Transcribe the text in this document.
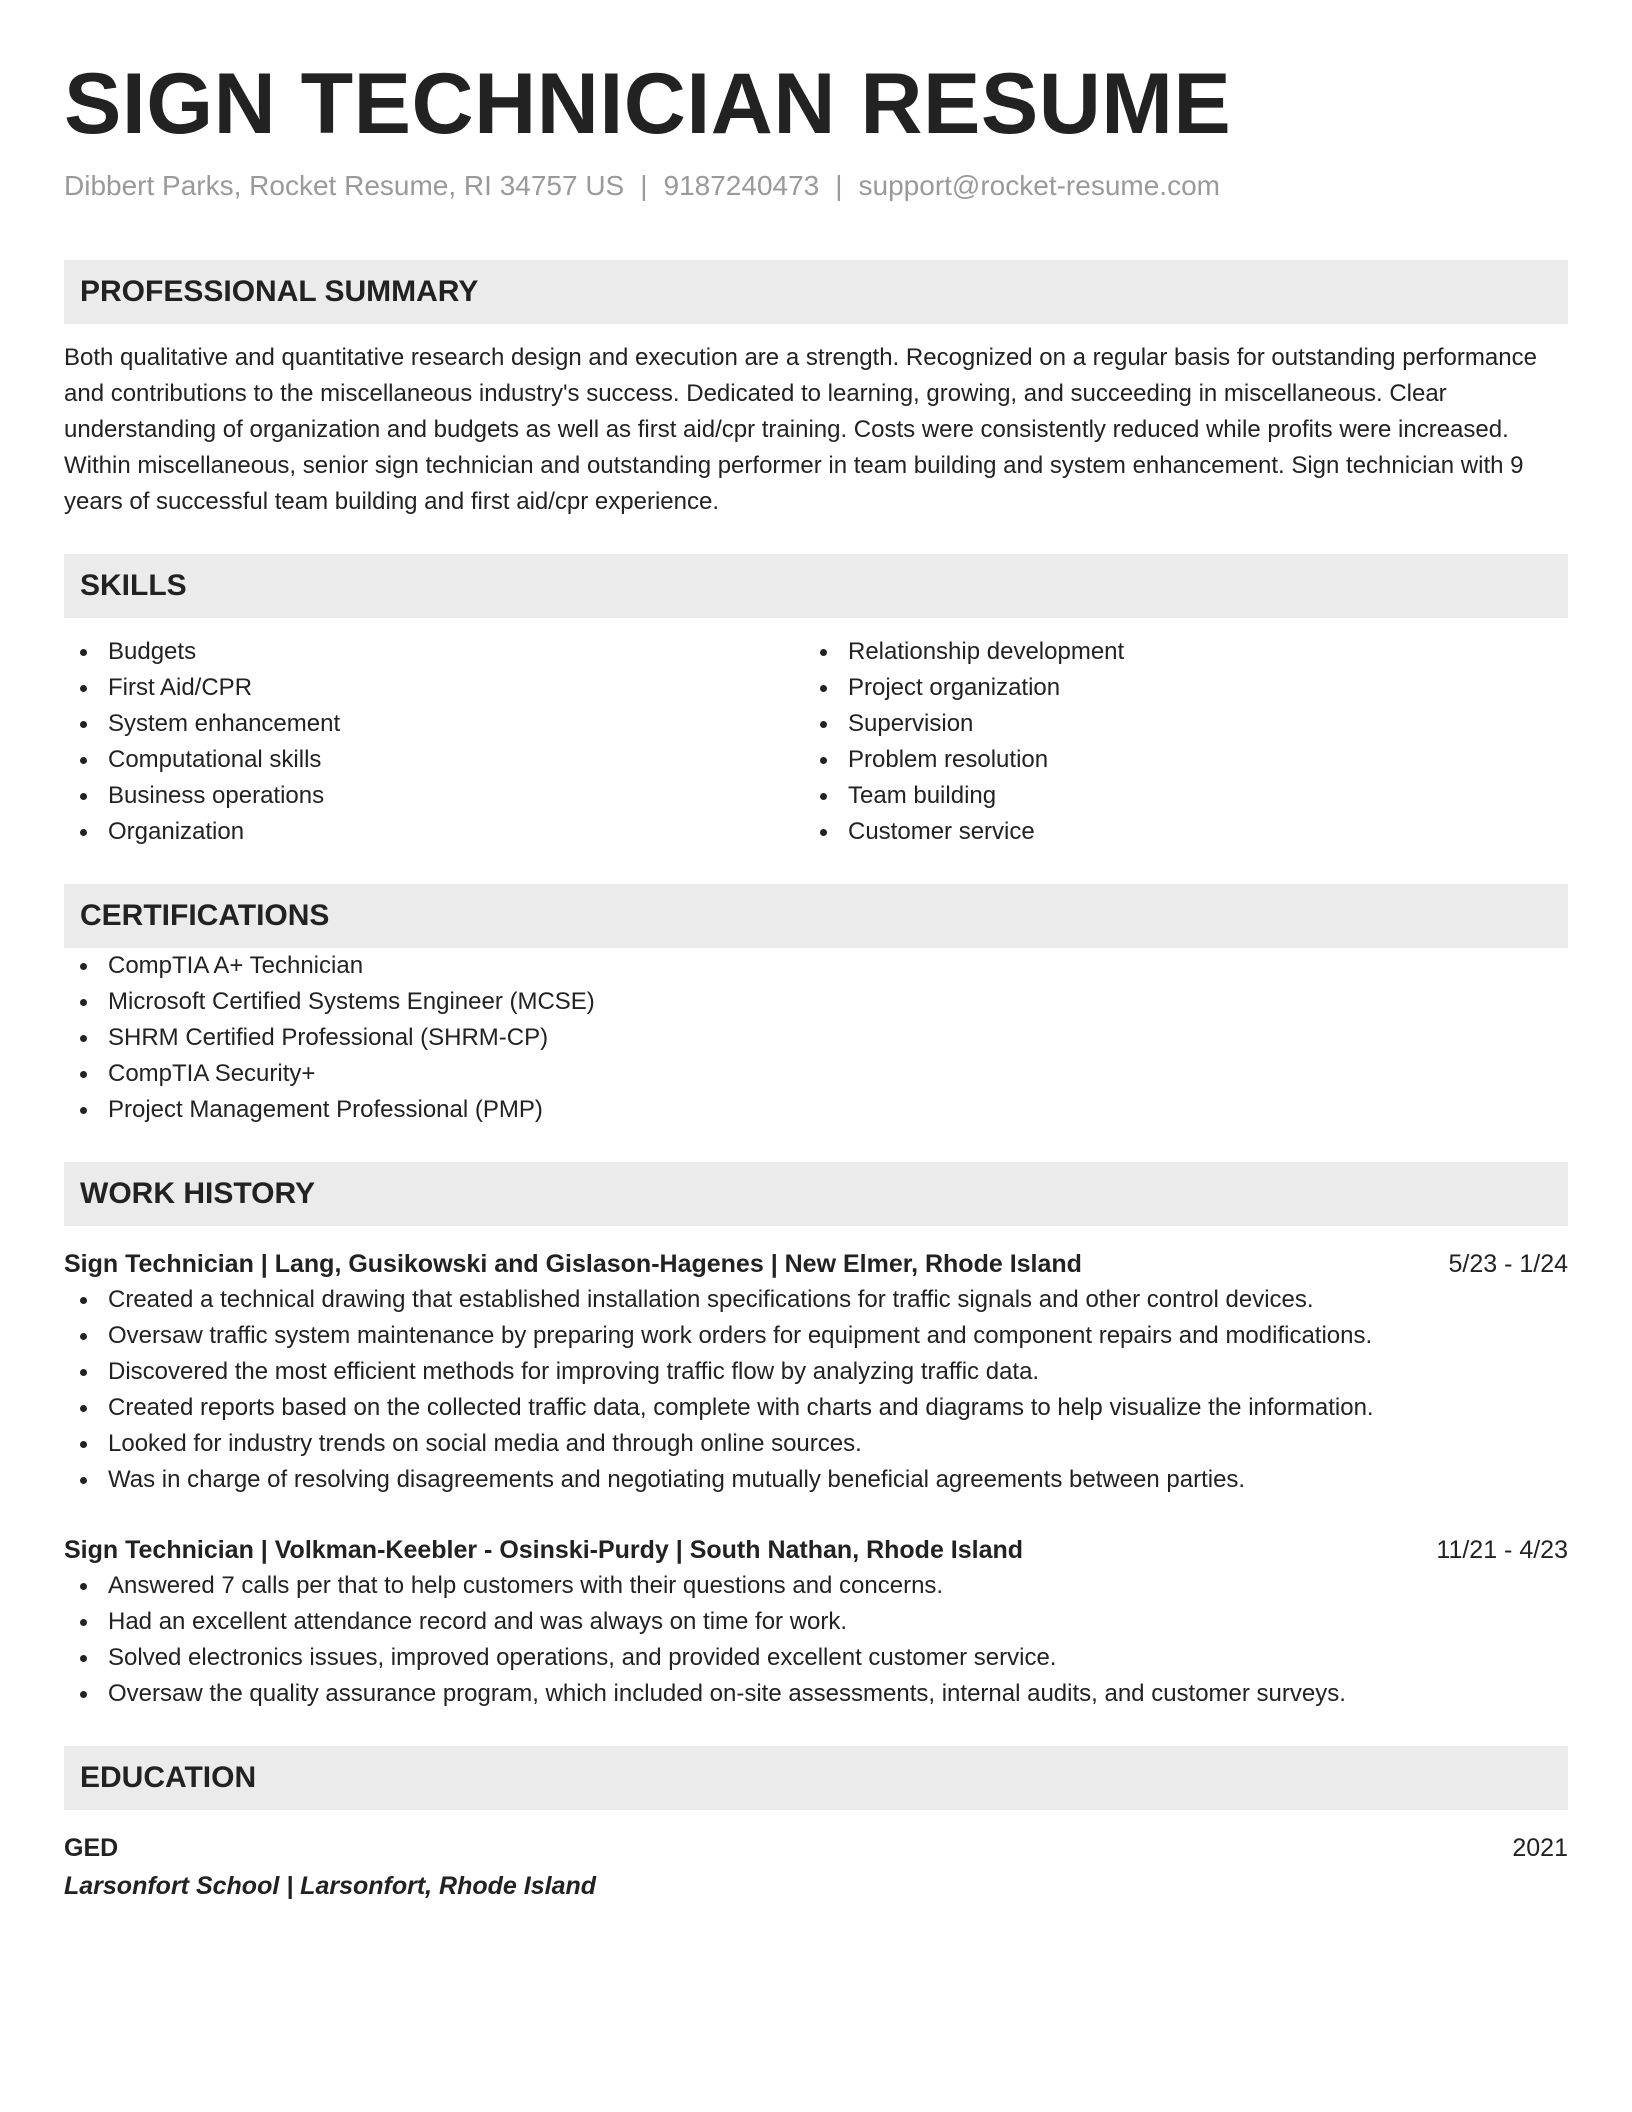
SIGN TECHNICIAN RESUME
Dibbert Parks, Rocket Resume, RI 34757 US | 9187240473 | support@rocket-resume.com
PROFESSIONAL SUMMARY
Both qualitative and quantitative research design and execution are a strength. Recognized on a regular basis for outstanding performance and contributions to the miscellaneous industry's success. Dedicated to learning, growing, and succeeding in miscellaneous. Clear understanding of organization and budgets as well as first aid/cpr training. Costs were consistently reduced while profits were increased. Within miscellaneous, senior sign technician and outstanding performer in team building and system enhancement. Sign technician with 9 years of successful team building and first aid/cpr experience.
SKILLS
Budgets
First Aid/CPR
System enhancement
Computational skills
Business operations
Organization
Relationship development
Project organization
Supervision
Problem resolution
Team building
Customer service
CERTIFICATIONS
CompTIA A+ Technician
Microsoft Certified Systems Engineer (MCSE)
SHRM Certified Professional (SHRM-CP)
CompTIA Security+
Project Management Professional (PMP)
WORK HISTORY
Sign Technician | Lang, Gusikowski and Gislason-Hagenes | New Elmer, Rhode Island	5/23 - 1/24
Created a technical drawing that established installation specifications for traffic signals and other control devices.
Oversaw traffic system maintenance by preparing work orders for equipment and component repairs and modifications.
Discovered the most efficient methods for improving traffic flow by analyzing traffic data.
Created reports based on the collected traffic data, complete with charts and diagrams to help visualize the information.
Looked for industry trends on social media and through online sources.
Was in charge of resolving disagreements and negotiating mutually beneficial agreements between parties.
Sign Technician | Volkman-Keebler - Osinski-Purdy | South Nathan, Rhode Island	11/21 - 4/23
Answered 7 calls per that to help customers with their questions and concerns.
Had an excellent attendance record and was always on time for work.
Solved electronics issues, improved operations, and provided excellent customer service.
Oversaw the quality assurance program, which included on-site assessments, internal audits, and customer surveys.
EDUCATION
GED	2021
Larsonfort School | Larsonfort, Rhode Island
